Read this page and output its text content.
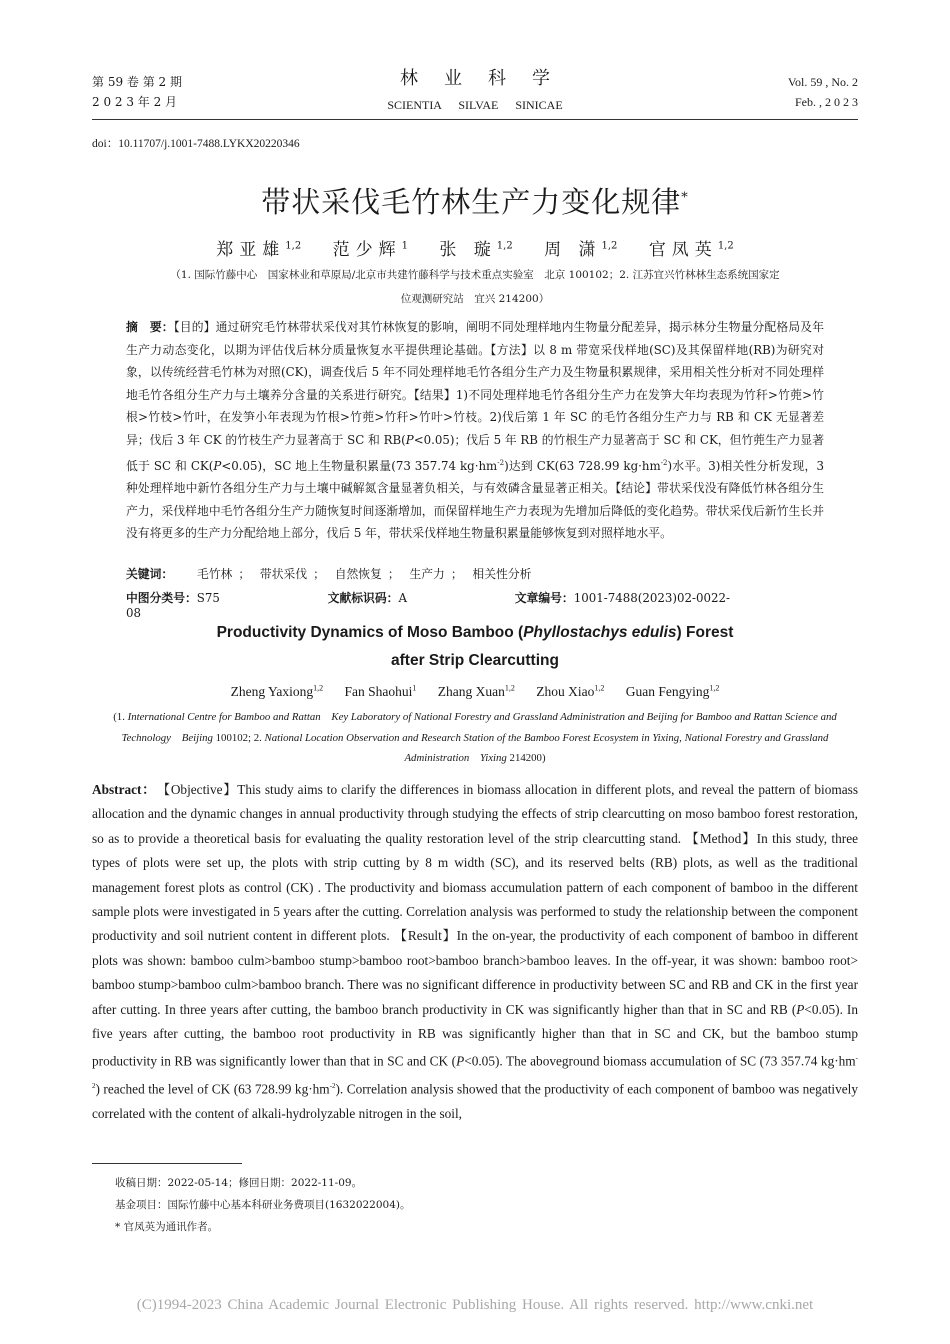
第 59 卷 第 2 期
2 0 2 3 年 2 月
林业科学
SCIENTIA SILVAE SINICAE
Vol. 59 , No. 2
Feb. , 2 0 2 3
doi：10.11707/j.1001-7488.LYKX20220346
带状采伐毛竹林生产力变化规律*
郑亚雄$^{1,2}$ 范少辉$^1$ 张 璇$^{1,2}$ 周 潇$^{1,2}$ 官凤英$^{1,2}$
（1. 国际竹藤中心　国家林业和草原局/北京市共建竹藤科学与技术重点实验室　北京 100102；2. 江苏宜兴竹林林生态系统国家定
位观测研究站　宜兴 214200）
摘　要：【目的】通过研究毛竹林带状采伐对其竹林恢复的影响，阐明不同处理样地内生物量分配差异，揭示林分生物量分配格局及年生产力动态变化，以期为评估伐后林分质量恢复水平提供理论基础。【方法】以 8 m 带宽采伐样地(SC)及其保留样地(RB)为研究对象，以传统经营毛竹林为对照(CK)，调查伐后 5 年不同处理样地毛竹各组分生产力及生物量积累规律，采用相关性分析对不同处理样地毛竹各组分生产力与土壤养分含量的关系进行研究。【结果】1)不同处理样地毛竹各组分生产力在发笋大年均表现为竹秆>竹蔸>竹根>竹枝>竹叶，在发笋小年表现为竹根>竹蔸>竹秆>竹叶>竹枝。2)伐后第 1 年 SC 的毛竹各组分生产力与 RB 和 CK 无显著差异；伐后 3 年 CK 的竹枝生产力显著高于 SC 和 RB(P<0.05)；伐后 5 年 RB 的竹根生产力显著高于 SC 和 CK，但竹蔸生产力显著低于 SC 和 CK(P<0.05)，SC 地上生物量积累量(73 357.74 $kg\cdot hm^{-2}$)达到 CK(63 728.99 $kg\cdot hm^{-2}$)水平。3)相关性分析发现，3 种处理样地中新竹各组分生产力与土壤中碱解氮含量显著负相关，与有效磷含量显著正相关。【结论】带状采伐没有降低竹林各组分生产力，采伐样地中毛竹各组分生产力随恢复时间逐渐增加，而保留样地生产力表现为先增加后降低的变化趋势。带状采伐后新竹生长并没有将更多的生产力分配给地上部分，伐后 5 年，带状采伐样地生物量积累量能够恢复到对照样地水平。
关键词： 毛竹林 ； 带状采伐 ； 自然恢复 ； 生产力 ； 相关性分析
中图分类号：S75	文献标识码：A	文章编号：1001-7488(2023)02-0022-08
Productivity Dynamics of Moso Bamboo (Phyllostachys edulis) Forest
after Strip Clearcutting
Zheng Yaxiong$^{1,2}$ Fan Shaohui$^1$ Zhang Xuan$^{1,2}$ Zhou Xiao$^{1,2}$ Guan Fengying$^{1,2}$
(1. International Centre for Bamboo and Rattan　Key Laboratory of National Forestry and Grassland Administration and Beijing for Bamboo and Rattan Science and Technology　Beijing 100102; 2. National Location Observation and Research Station of the Bamboo Forest Ecosystem in Yixing, National Forestry and Grassland Administration　Yixing 214200)
Abstract：　 【Objective】This study aims to clarify the differences in biomass allocation in different plots, and reveal the pattern of biomass allocation and the dynamic changes in annual productivity through studying the effects of strip clearcutting on moso bamboo forest restoration, so as to provide a theoretical basis for evaluating the quality restoration level of the strip clearcutting stand. 【Method】In this study, three types of plots were set up, the plots with strip cutting by 8 m width (SC), and its reserved belts (RB) plots, as well as the traditional management forest plots as control (CK) . The productivity and biomass accumulation pattern of each component of bamboo in the different sample plots were investigated in 5 years after the cutting. Correlation analysis was performed to study the relationship between the component productivity and soil nutrient content in different plots. 【Result】In the on-year, the productivity of each component of bamboo in different plots was shown: bamboo culm>bamboo stump>bamboo root>bamboo branch>bamboo leaves. In the off-year, it was shown: bamboo root> bamboo stump>bamboo culm>bamboo branch. There was no significant difference in productivity between SC and RB and CK in the first year after cutting. In three years after cutting, the bamboo branch productivity in CK was significantly higher than that in SC and RB (P<0.05). In five years after cutting, the bamboo root productivity in RB was significantly higher than that in SC and CK, but the bamboo stump productivity in RB was significantly lower than that in SC and CK (P<0.05). The aboveground biomass accumulation of SC (73 357.74 $kg\cdot hm^{-2}$) reached the level of CK (63 728.99 $kg\cdot hm^{-2}$). Correlation analysis showed that the productivity of each component of bamboo was negatively correlated with the content of alkali-hydrolyzable nitrogen in the soil,
收稿日期：2022-05-14；修回日期：2022-11-09。
基金项目：国际竹藤中心基本科研业务费项目(1632022004)。
* 官凤英为通讯作者。
(C)1994-2023 China Academic Journal Electronic Publishing House. All rights reserved. http://www.cnki.net
